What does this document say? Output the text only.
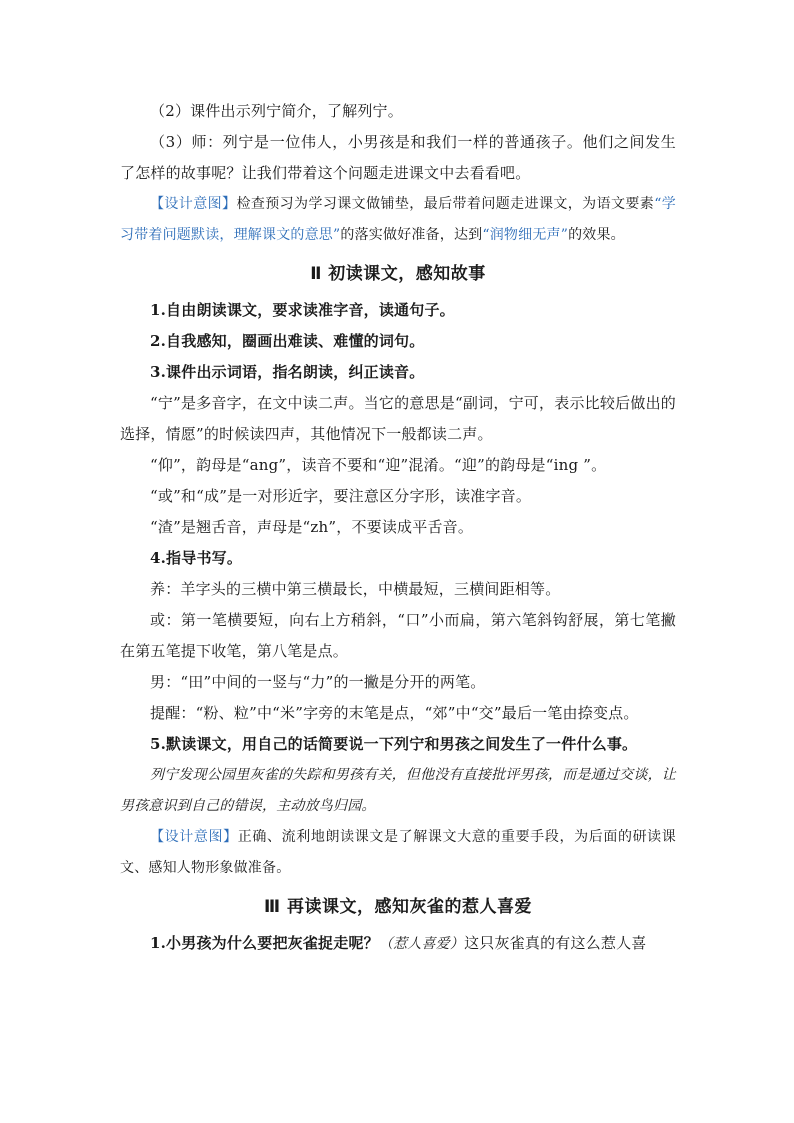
（2）课件出示列宁简介，了解列宁。

（3）师：列宁是一位伟人，小男孩是和我们一样的普通孩子。他们之间发生了怎样的故事呢？让我们带着这个问题走进课文中去看看吧。

【设计意图】检查预习为学习课文做铺垫，最后带着问题走进课文，为语文要素“学习带着问题默读，理解课文的意思”的落实做好准备，达到“润物细无声”的效果。

Ⅱ 初读课文，感知故事

1.自由朗读课文，要求读准字音，读通句子。

2.自我感知，圈画出难读、难懂的词句。

3.课件出示词语，指名朗读，纠正读音。

“宁”是多音字，在文中读二声。当它的意思是“副词，宁可，表示比较后做出的选择，情愿”的时候读四声，其他情况下一般都读二声。

“仰”，韵母是“ang”，读音不要和“迎”混淆。“迎”的韵母是“ing ”。

“或”和“成”是一对形近字，要注意区分字形，读准字音。

“渣”是翘舌音，声母是“zh”，不要读成平舌音。

4.指导书写。

养：羊字头的三横中第三横最长，中横最短，三横间距相等。

或：第一笔横要短，向右上方稍斜，“口”小而扁，第六笔斜钩舒展，第七笔撇在第五笔提下收笔，第八笔是点。

男：“田”中间的一竖与“力”的一撇是分开的两笔。

提醒：“粉、粒”中“米”字旁的末笔是点，“郊”中“交”最后一笔由捺变点。

5.默读课文，用自己的话简要说一下列宁和男孩之间发生了一件什么事。

列宁发现公园里灰雀的失踪和男孩有关，但他没有直接批评男孩，而是通过交谈，让男孩意识到自己的错误，主动放鸟归园。

【设计意图】正确、流利地朗读课文是了解课文大意的重要手段，为后面的研读课文、感知人物形象做准备。

Ⅲ 再读课文，感知灰雀的惹人喜爱

1.小男孩为什么要把灰雀捉走呢？（惹人喜爱）这只灰雀真的有这么惹人喜
